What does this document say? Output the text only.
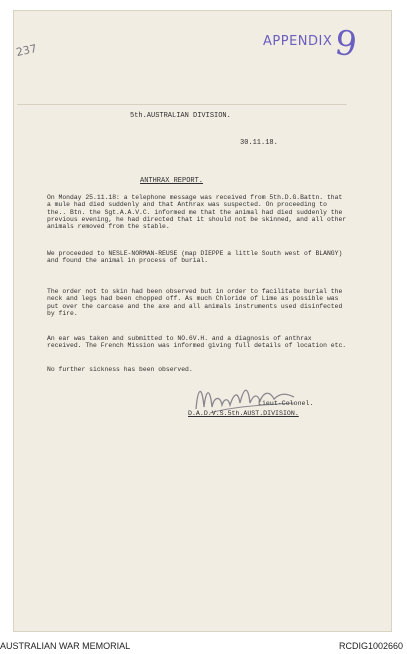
237
APPENDIX 9
5th.AUSTRALIAN DIVISION.
30.11.18.
ANTHRAX REPORT.
On Monday 25.11.18: a telephone message was received from 5th.D.G.Battn. that a mule had died suddenly and that Anthrax was suspected. On proceeding to the.. Btn. the Sgt.A.A.V.C. informed me that the animal had died suddenly the previous evening, he had directed that it should not be skinned, and all other animals removed from the stable.
We proceeded to NESLE-NORMAN-REUSE (map DIEPPE a little South west of BLANGY) and found the animal in process of burial.
The order not to skin had been observed but in order to facilitate burial the neck and legs had been chopped off. As much Chloride of Lime as possible was put over the carcase and the axe and all animals instruments used disinfected by fire.
An ear was taken and submitted to NO.6V.H. and a diagnosis of anthrax received. The French Mission was informed giving full details of location etc.
No further sickness has been observed.
Lieut-Colonel.
D.A.D.V.S.5th.AUST.DIVISION.
AUSTRALIAN WAR MEMORIAL	RCDIG1002660
